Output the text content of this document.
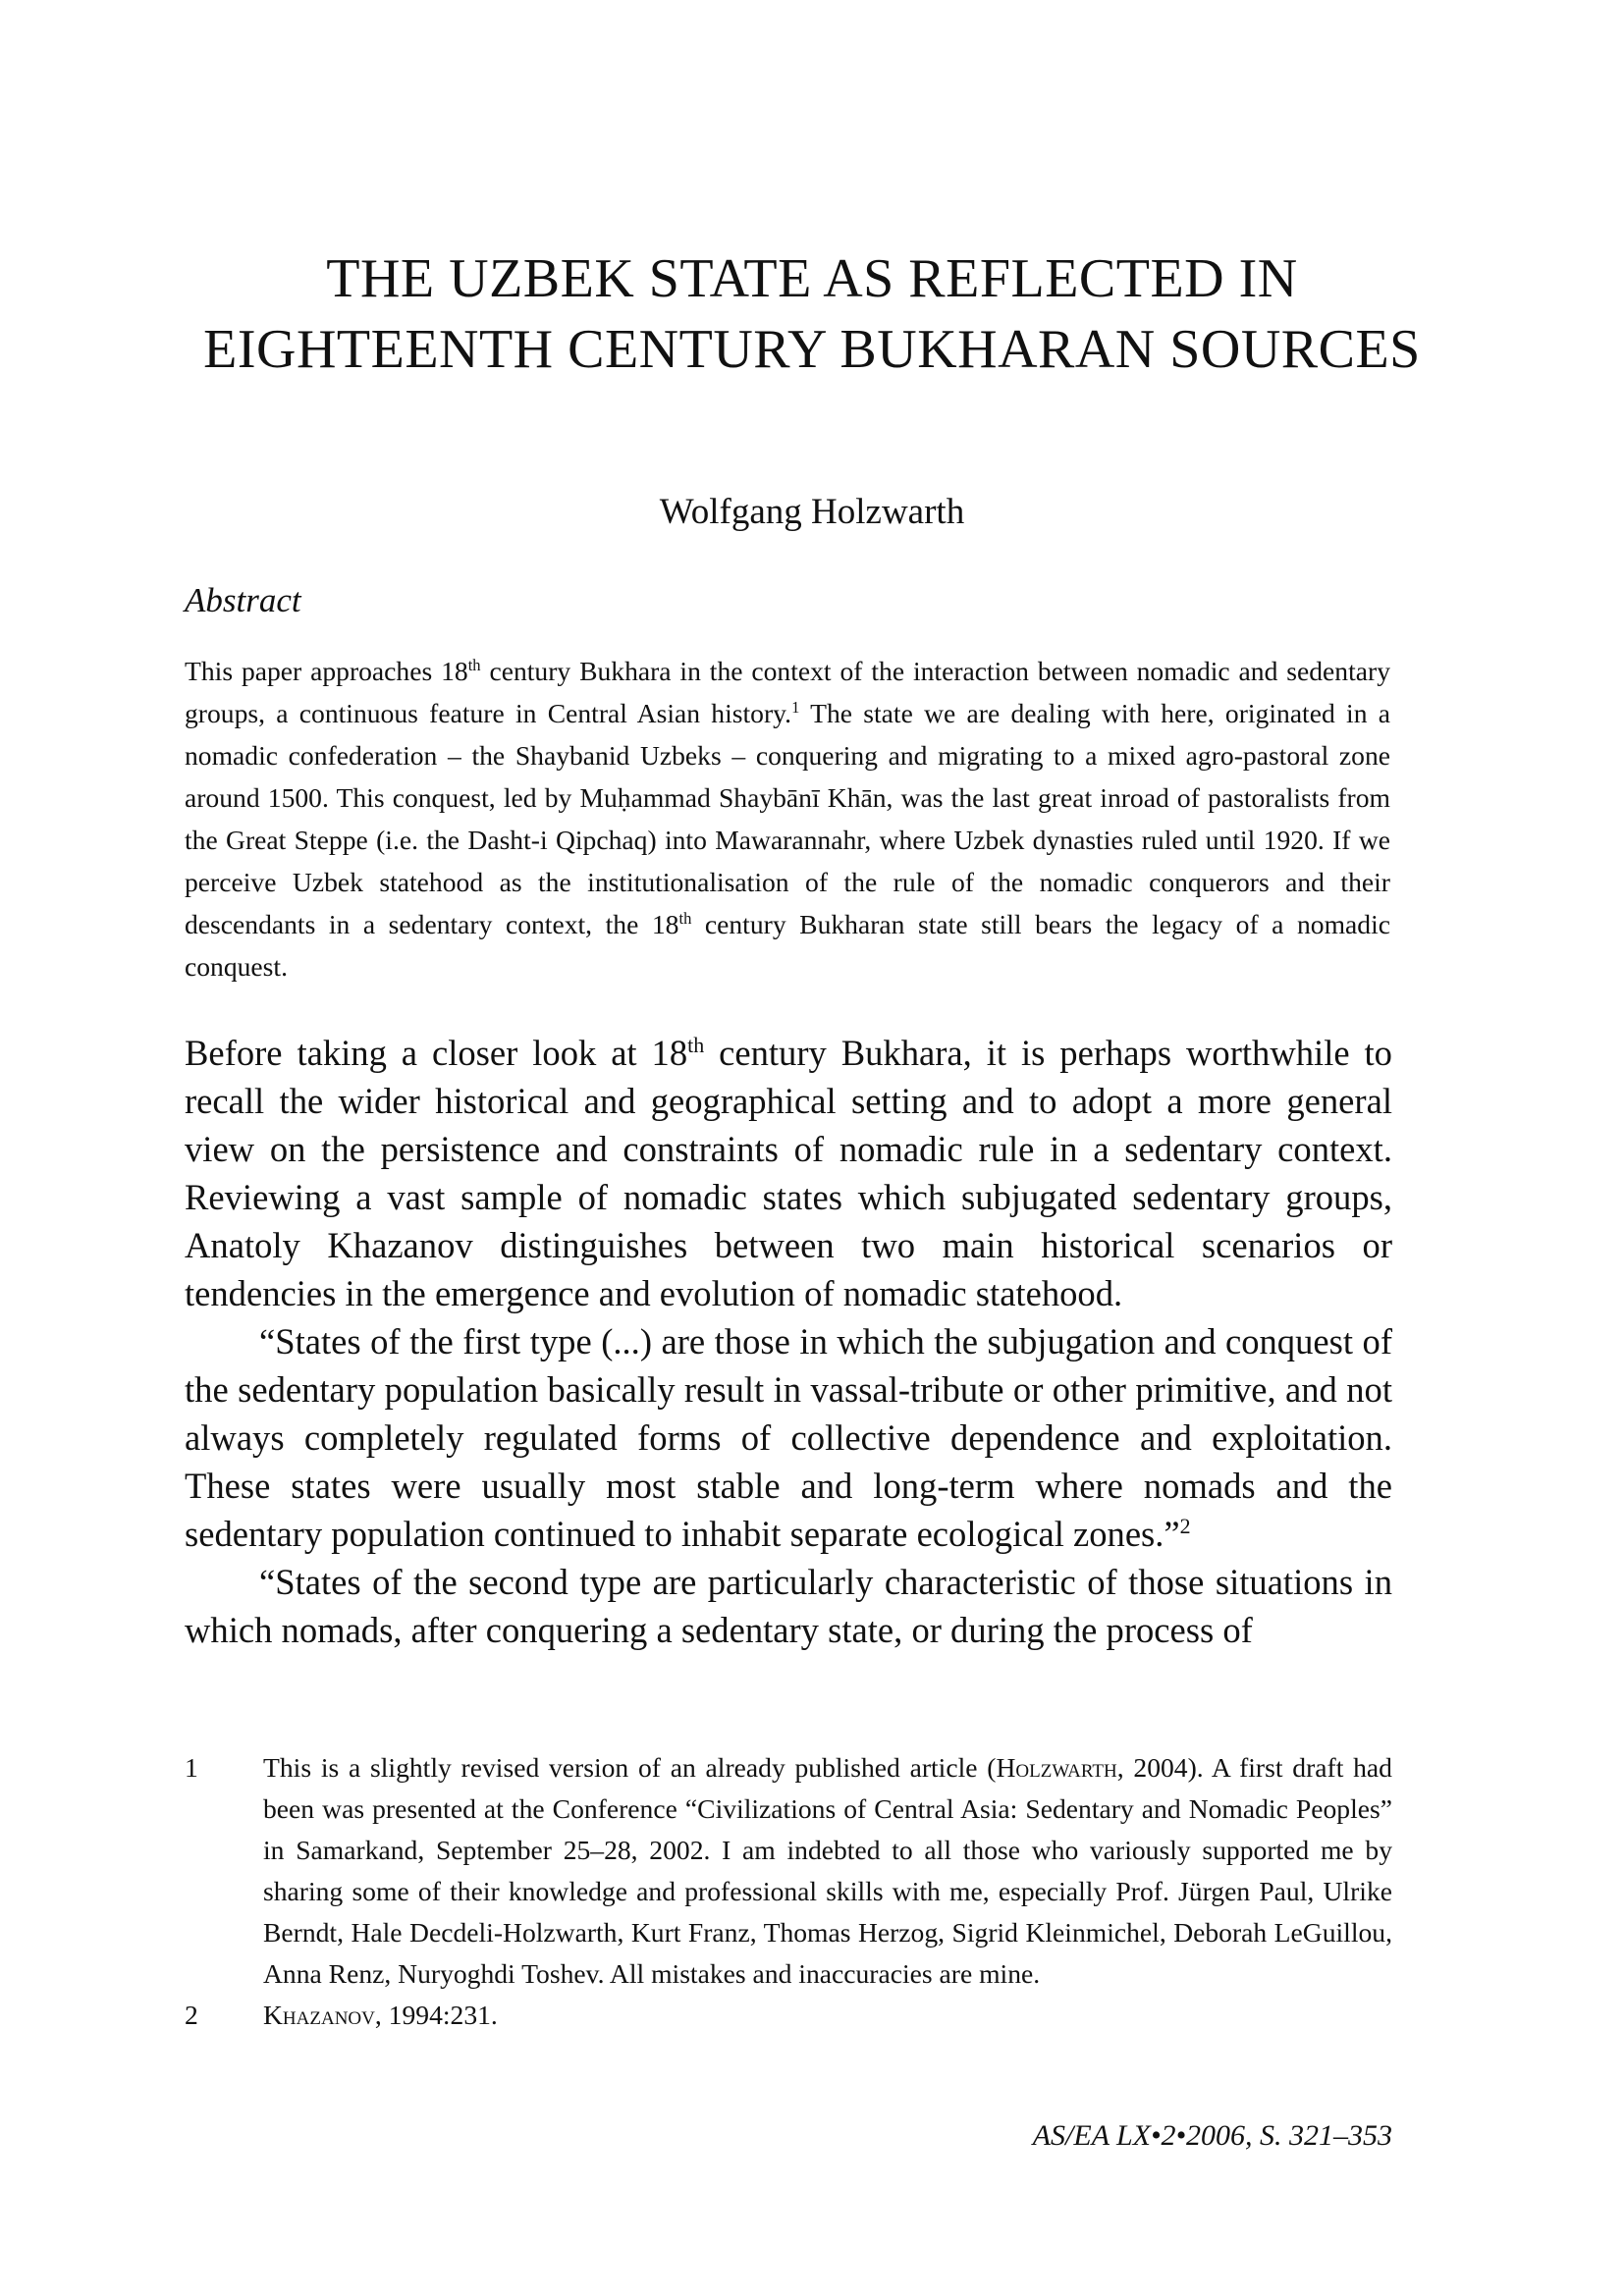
THE UZBEK STATE AS REFLECTED IN
EIGHTEENTH CENTURY BUKHARAN SOURCES
Wolfgang Holzwarth
Abstract

This paper approaches 18th century Bukhara in the context of the interaction between nomadic and sedentary groups, a continuous feature in Central Asian history.$^1$ The state we are dealing with here, originated in a nomadic confederation – the Shaybanid Uzbeks – conquering and migrating to a mixed agro-pastoral zone around 1500. This conquest, led by Muḥammad Shaybānī Khān, was the last great inroad of pastoralists from the Great Steppe (i.e. the Dasht-i Qipchaq) into Mawarannahr, where Uzbek dynasties ruled until 1920. If we perceive Uzbek statehood as the institutionalisation of the rule of the nomadic conquerors and their descendants in a sedentary context, the 18th century Bukharan state still bears the legacy of a nomadic conquest.

Before taking a closer look at 18th century Bukhara, it is perhaps worthwhile to recall the wider historical and geographical setting and to adopt a more general view on the persistence and constraints of nomadic rule in a sedentary context. Reviewing a vast sample of nomadic states which subjugated sedentary groups, Anatoly Khazanov distinguishes between two main historical scenarios or tendencies in the emergence and evolution of nomadic statehood.

“States of the first type (...) are those in which the subjugation and conquest of the sedentary population basically result in vassal-tribute or other primitive, and not always completely regulated forms of collective dependence and exploitation. These states were usually most stable and long-term where nomads and the sedentary population continued to inhabit separate ecological zones.”$^2$

“States of the second type are particularly characteristic of those situations in which nomads, after conquering a sedentary state, or during the process of

1	This is a slightly revised version of an already published article (Holzwarth, 2004). A first draft had been was presented at the Conference “Civilizations of Central Asia: Sedentary and Nomadic Peoples” in Samarkand, September 25–28, 2002. I am indebted to all those who variously supported me by sharing some of their knowledge and professional skills with me, especially Prof. Jürgen Paul, Ulrike Berndt, Hale Decdeli-Holzwarth, Kurt Franz, Thomas Herzog, Sigrid Kleinmichel, Deborah LeGuillou, Anna Renz, Nuryoghdi Toshev. All mistakes and inaccuracies are mine.
2	Khazanov, 1994:231.
AS/EA LX•2•2006, S. 321–353
